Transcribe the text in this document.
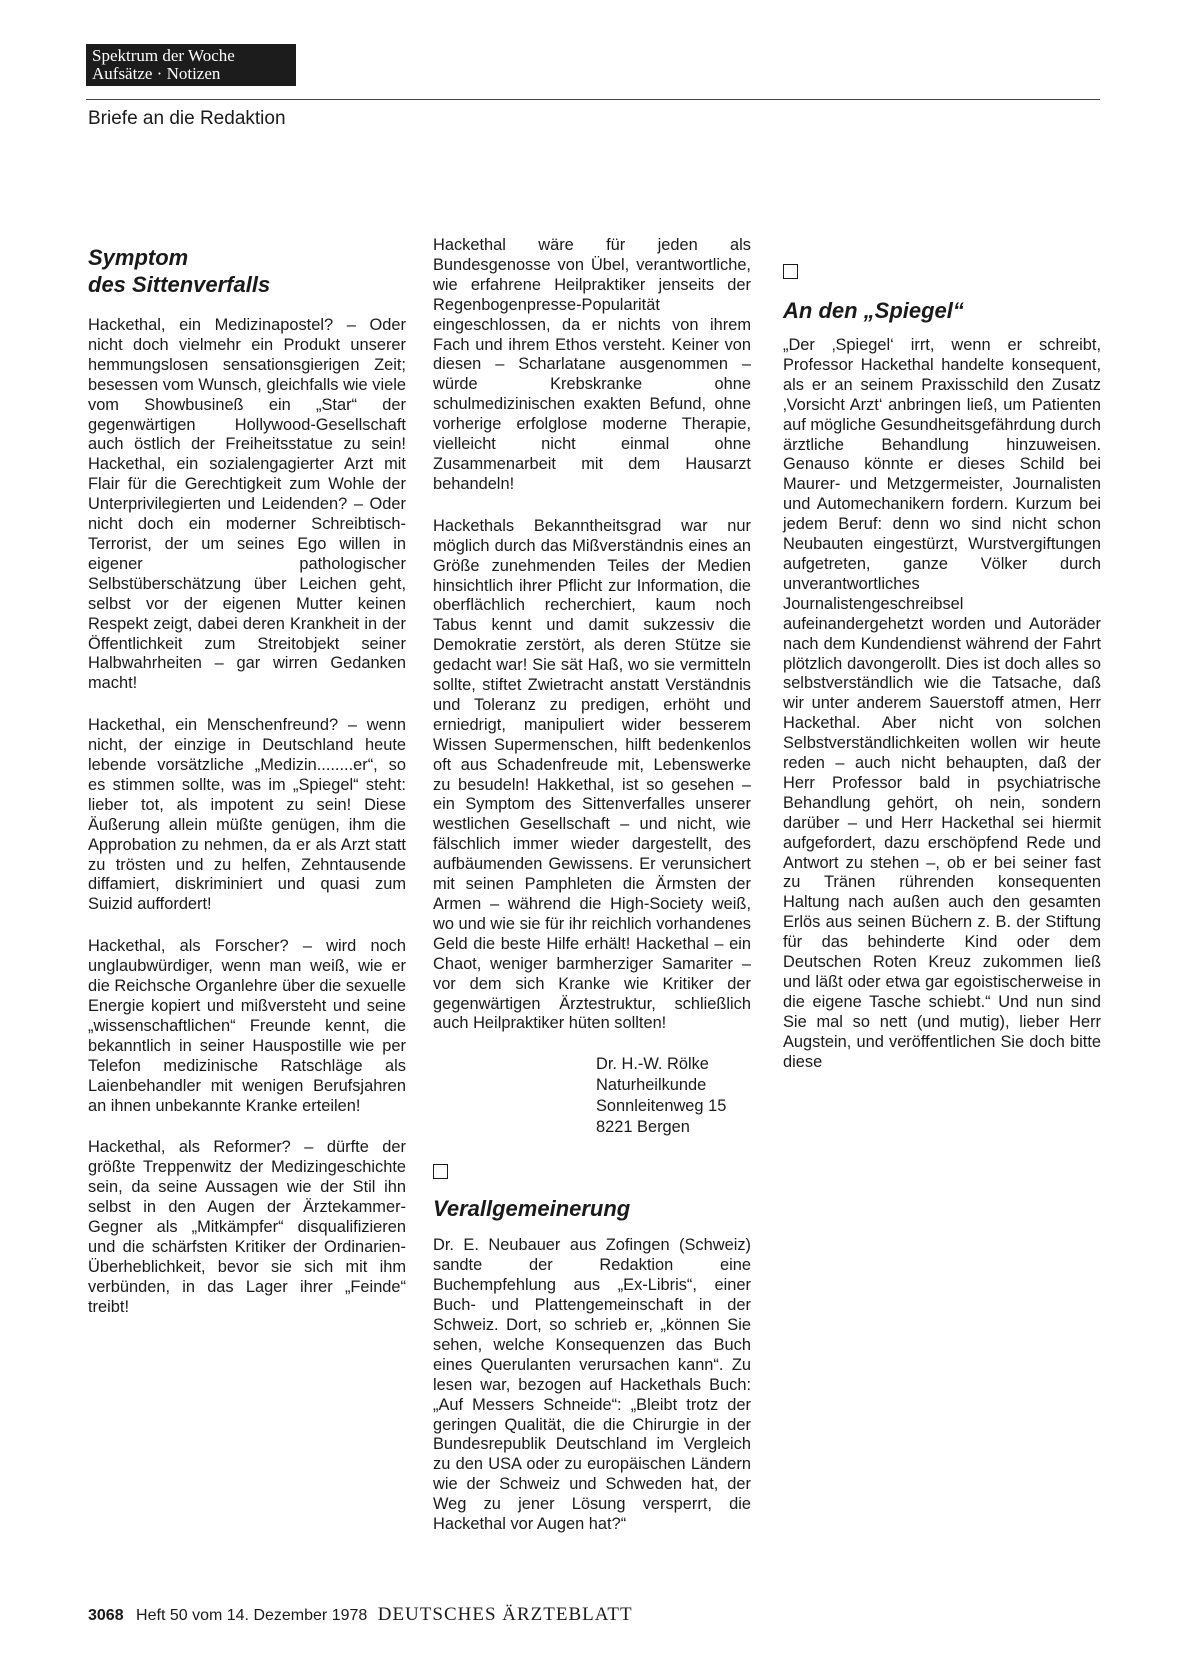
Spektrum der Woche
Aufsätze · Notizen
Briefe an die Redaktion
Symptom
des Sittenverfalls

Hackethal, ein Medizinapostel? – Oder nicht doch vielmehr ein Produkt unserer hemmungslosen sensationsgierigen Zeit; besessen vom Wunsch, gleichfalls wie viele vom Showbusineß ein „Star“ der gegenwärtigen Hollywood-Gesellschaft auch östlich der Freiheitsstatue zu sein! Hackethal, ein sozialengagierter Arzt mit Flair für die Gerechtigkeit zum Wohle der Unterprivilegierten und Leidenden? – Oder nicht doch ein moderner Schreibtisch-Terrorist, der um seines Ego willen in eigener pathologischer Selbstüberschätzung über Leichen geht, selbst vor der eigenen Mutter keinen Respekt zeigt, dabei deren Krankheit in der Öffentlichkeit zum Streitobjekt seiner Halbwahrheiten – gar wirren Gedanken macht!

Hackethal, ein Menschenfreund? – wenn nicht, der einzige in Deutschland heute lebende vorsätzliche „Medizin........er“, so es stimmen sollte, was im „Spiegel“ steht: lieber tot, als impotent zu sein! Diese Äußerung allein müßte genügen, ihm die Approbation zu nehmen, da er als Arzt statt zu trösten und zu helfen, Zehntausende diffamiert, diskriminiert und quasi zum Suizid auffordert!

Hackethal, als Forscher? – wird noch unglaubwürdiger, wenn man weiß, wie er die Reichsche Organlehre über die sexuelle Energie kopiert und mißversteht und seine „wissenschaftlichen“ Freunde kennt, die bekanntlich in seiner Hauspostille wie per Telefon medizinische Ratschläge als Laienbehandler mit wenigen Berufsjahren an ihnen unbekannte Kranke erteilen!

Hackethal, als Reformer? – dürfte der größte Treppenwitz der Medizingeschichte sein, da seine Aussagen wie der Stil ihn selbst in den Augen der Ärztekammer-Gegner als „Mitkämpfer“ disqualifizieren und die schärfsten Kritiker der Ordinarien-Überheblichkeit, bevor sie sich mit ihm verbünden, in das Lager ihrer „Feinde“ treibt!

Hackethal wäre für jeden als Bundesgenosse von Übel, verantwortliche, wie erfahrene Heilpraktiker jenseits der Regenbogenpresse-Popularität eingeschlossen, da er nichts von ihrem Fach und ihrem Ethos versteht. Keiner von diesen – Scharlatane ausgenommen – würde Krebskranke ohne schulmedizinischen exakten Befund, ohne vorherige erfolglose moderne Therapie, vielleicht nicht einmal ohne Zusammenarbeit mit dem Hausarzt behandeln!

Hackethals Bekanntheitsgrad war nur möglich durch das Mißverständnis eines an Größe zunehmenden Teiles der Medien hinsichtlich ihrer Pflicht zur Information, die oberflächlich recherchiert, kaum noch Tabus kennt und damit sukzessiv die Demokratie zerstört, als deren Stütze sie gedacht war! Sie sät Haß, wo sie vermitteln sollte, stiftet Zwietracht anstatt Verständnis und Toleranz zu predigen, erhöht und erniedrigt, manipuliert wider besserem Wissen Supermenschen, hilft bedenkenlos oft aus Schadenfreude mit, Lebenswerke zu besudeln! Hakkethal, ist so gesehen – ein Symptom des Sittenverfalles unserer westlichen Gesellschaft – und nicht, wie fälschlich immer wieder dargestellt, des aufbäumenden Gewissens. Er verunsichert mit seinen Pamphleten die Ärmsten der Armen – während die High-Society weiß, wo und wie sie für ihr reichlich vorhandenes Geld die beste Hilfe erhält! Hackethal – ein Chaot, weniger barmherziger Samariter – vor dem sich Kranke wie Kritiker der gegenwärtigen Ärztestruktur, schließlich auch Heilpraktiker hüten sollten!

Dr. H.-W. Rölke
Naturheilkunde
Sonnleitenweg 15
8221 Bergen
Verallgemeinerung

Dr. E. Neubauer aus Zofingen (Schweiz) sandte der Redaktion eine Buchempfehlung aus „Ex-Libris“, einer Buch- und Plattengemeinschaft in der Schweiz. Dort, so schrieb er, „können Sie sehen, welche Konsequenzen das Buch eines Querulanten verursachen kann“. Zu lesen war, bezogen auf Hackethals Buch: „Auf Messers Schneide“: „Bleibt trotz der geringen Qualität, die die Chirurgie in der Bundesrepublik Deutschland im Vergleich zu den USA oder zu europäischen Ländern wie der Schweiz und Schweden hat, der Weg zu jener Lösung versperrt, die Hackethal vor Augen hat?“

An den „Spiegel“

„Der ‚Spiegel‘ irrt, wenn er schreibt, Professor Hackethal handelte konsequent, als er an seinem Praxisschild den Zusatz ‚Vorsicht Arzt‘ anbringen ließ, um Patienten auf mögliche Gesundheitsgefährdung durch ärztliche Behandlung hinzuweisen. Genauso könnte er dieses Schild bei Maurer- und Metzgermeister, Journalisten und Automechanikern fordern. Kurzum bei jedem Beruf: denn wo sind nicht schon Neubauten eingestürzt, Wurstvergiftungen aufgetreten, ganze Völker durch unverantwortliches Journalistengeschreibsel aufeinandergehetzt worden und Autoräder nach dem Kundendienst während der Fahrt plötzlich davongerollt. Dies ist doch alles so selbstverständlich wie die Tatsache, daß wir unter anderem Sauerstoff atmen, Herr Hackethal. Aber nicht von solchen Selbstverständlichkeiten wollen wir heute reden – auch nicht behaupten, daß der Herr Professor bald in psychiatrische Behandlung gehört, oh nein, sondern darüber – und Herr Hackethal sei hiermit aufgefordert, dazu erschöpfend Rede und Antwort zu stehen –, ob er bei seiner fast zu Tränen rührenden konsequenten Haltung nach außen auch den gesamten Erlös aus seinen Büchern z. B. der Stiftung für das behinderte Kind oder dem Deutschen Roten Kreuz zukommen ließ und läßt oder etwa gar egoistischerweise in die eigene Tasche schiebt.“ Und nun sind Sie mal so nett (und mutig), lieber Herr Augstein, und veröffentlichen Sie doch bitte diese

3068 Heft 50 vom 14. Dezember 1978 DEUTSCHES ÄRZTEBLATT
